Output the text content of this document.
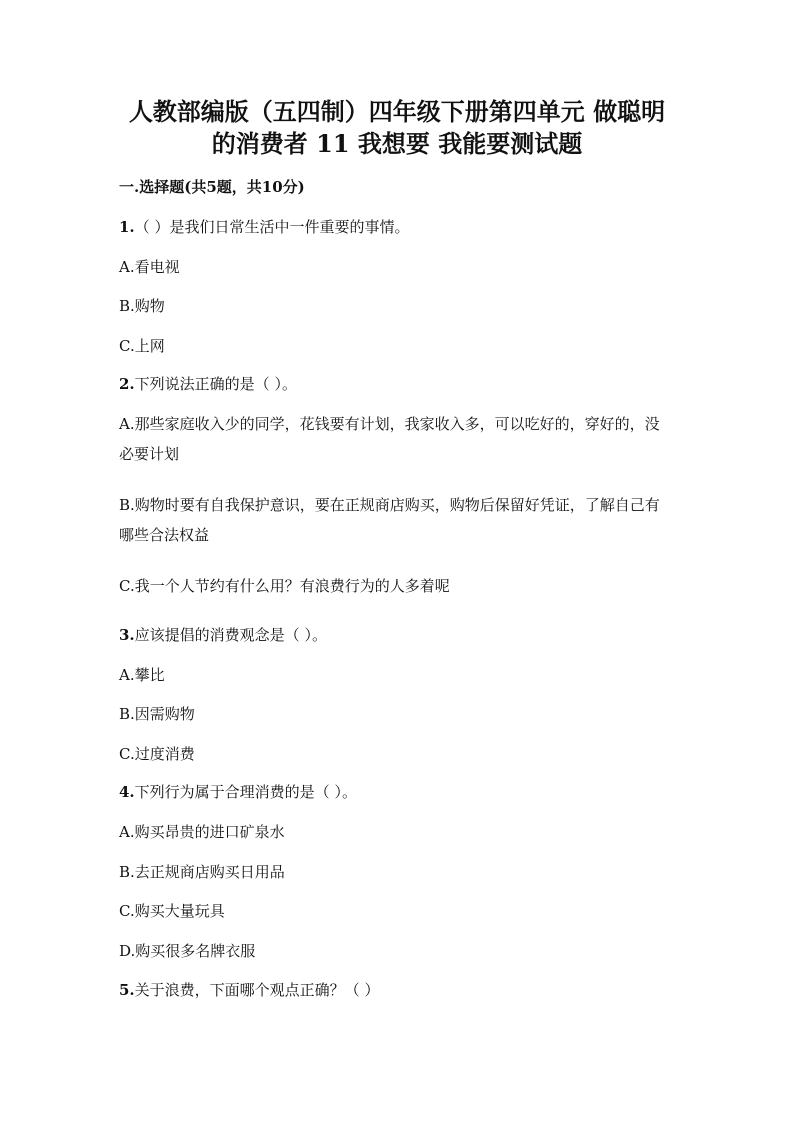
人教部编版（五四制）四年级下册第四单元 做聪明
的消费者 11 我想要 我能要测试题

一.选择题(共5题，共10分)

1.（ ）是我们日常生活中一件重要的事情。

A.看电视

B.购物

C.上网

2.下列说法正确的是（ ）。

A.那些家庭收入少的同学，花钱要有计划，我家收入多，可以吃好的，穿好的，没必要计划

B.购物时要有自我保护意识，要在正规商店购买，购物后保留好凭证，了解自己有哪些合法权益

C.我一个人节约有什么用？有浪费行为的人多着呢

3.应该提倡的消费观念是（ ）。

A.攀比

B.因需购物

C.过度消费

4.下列行为属于合理消费的是（ ）。

A.购买昂贵的进口矿泉水

B.去正规商店购买日用品

C.购买大量玩具

D.购买很多名牌衣服

5.关于浪费，下面哪个观点正确？（ ）
